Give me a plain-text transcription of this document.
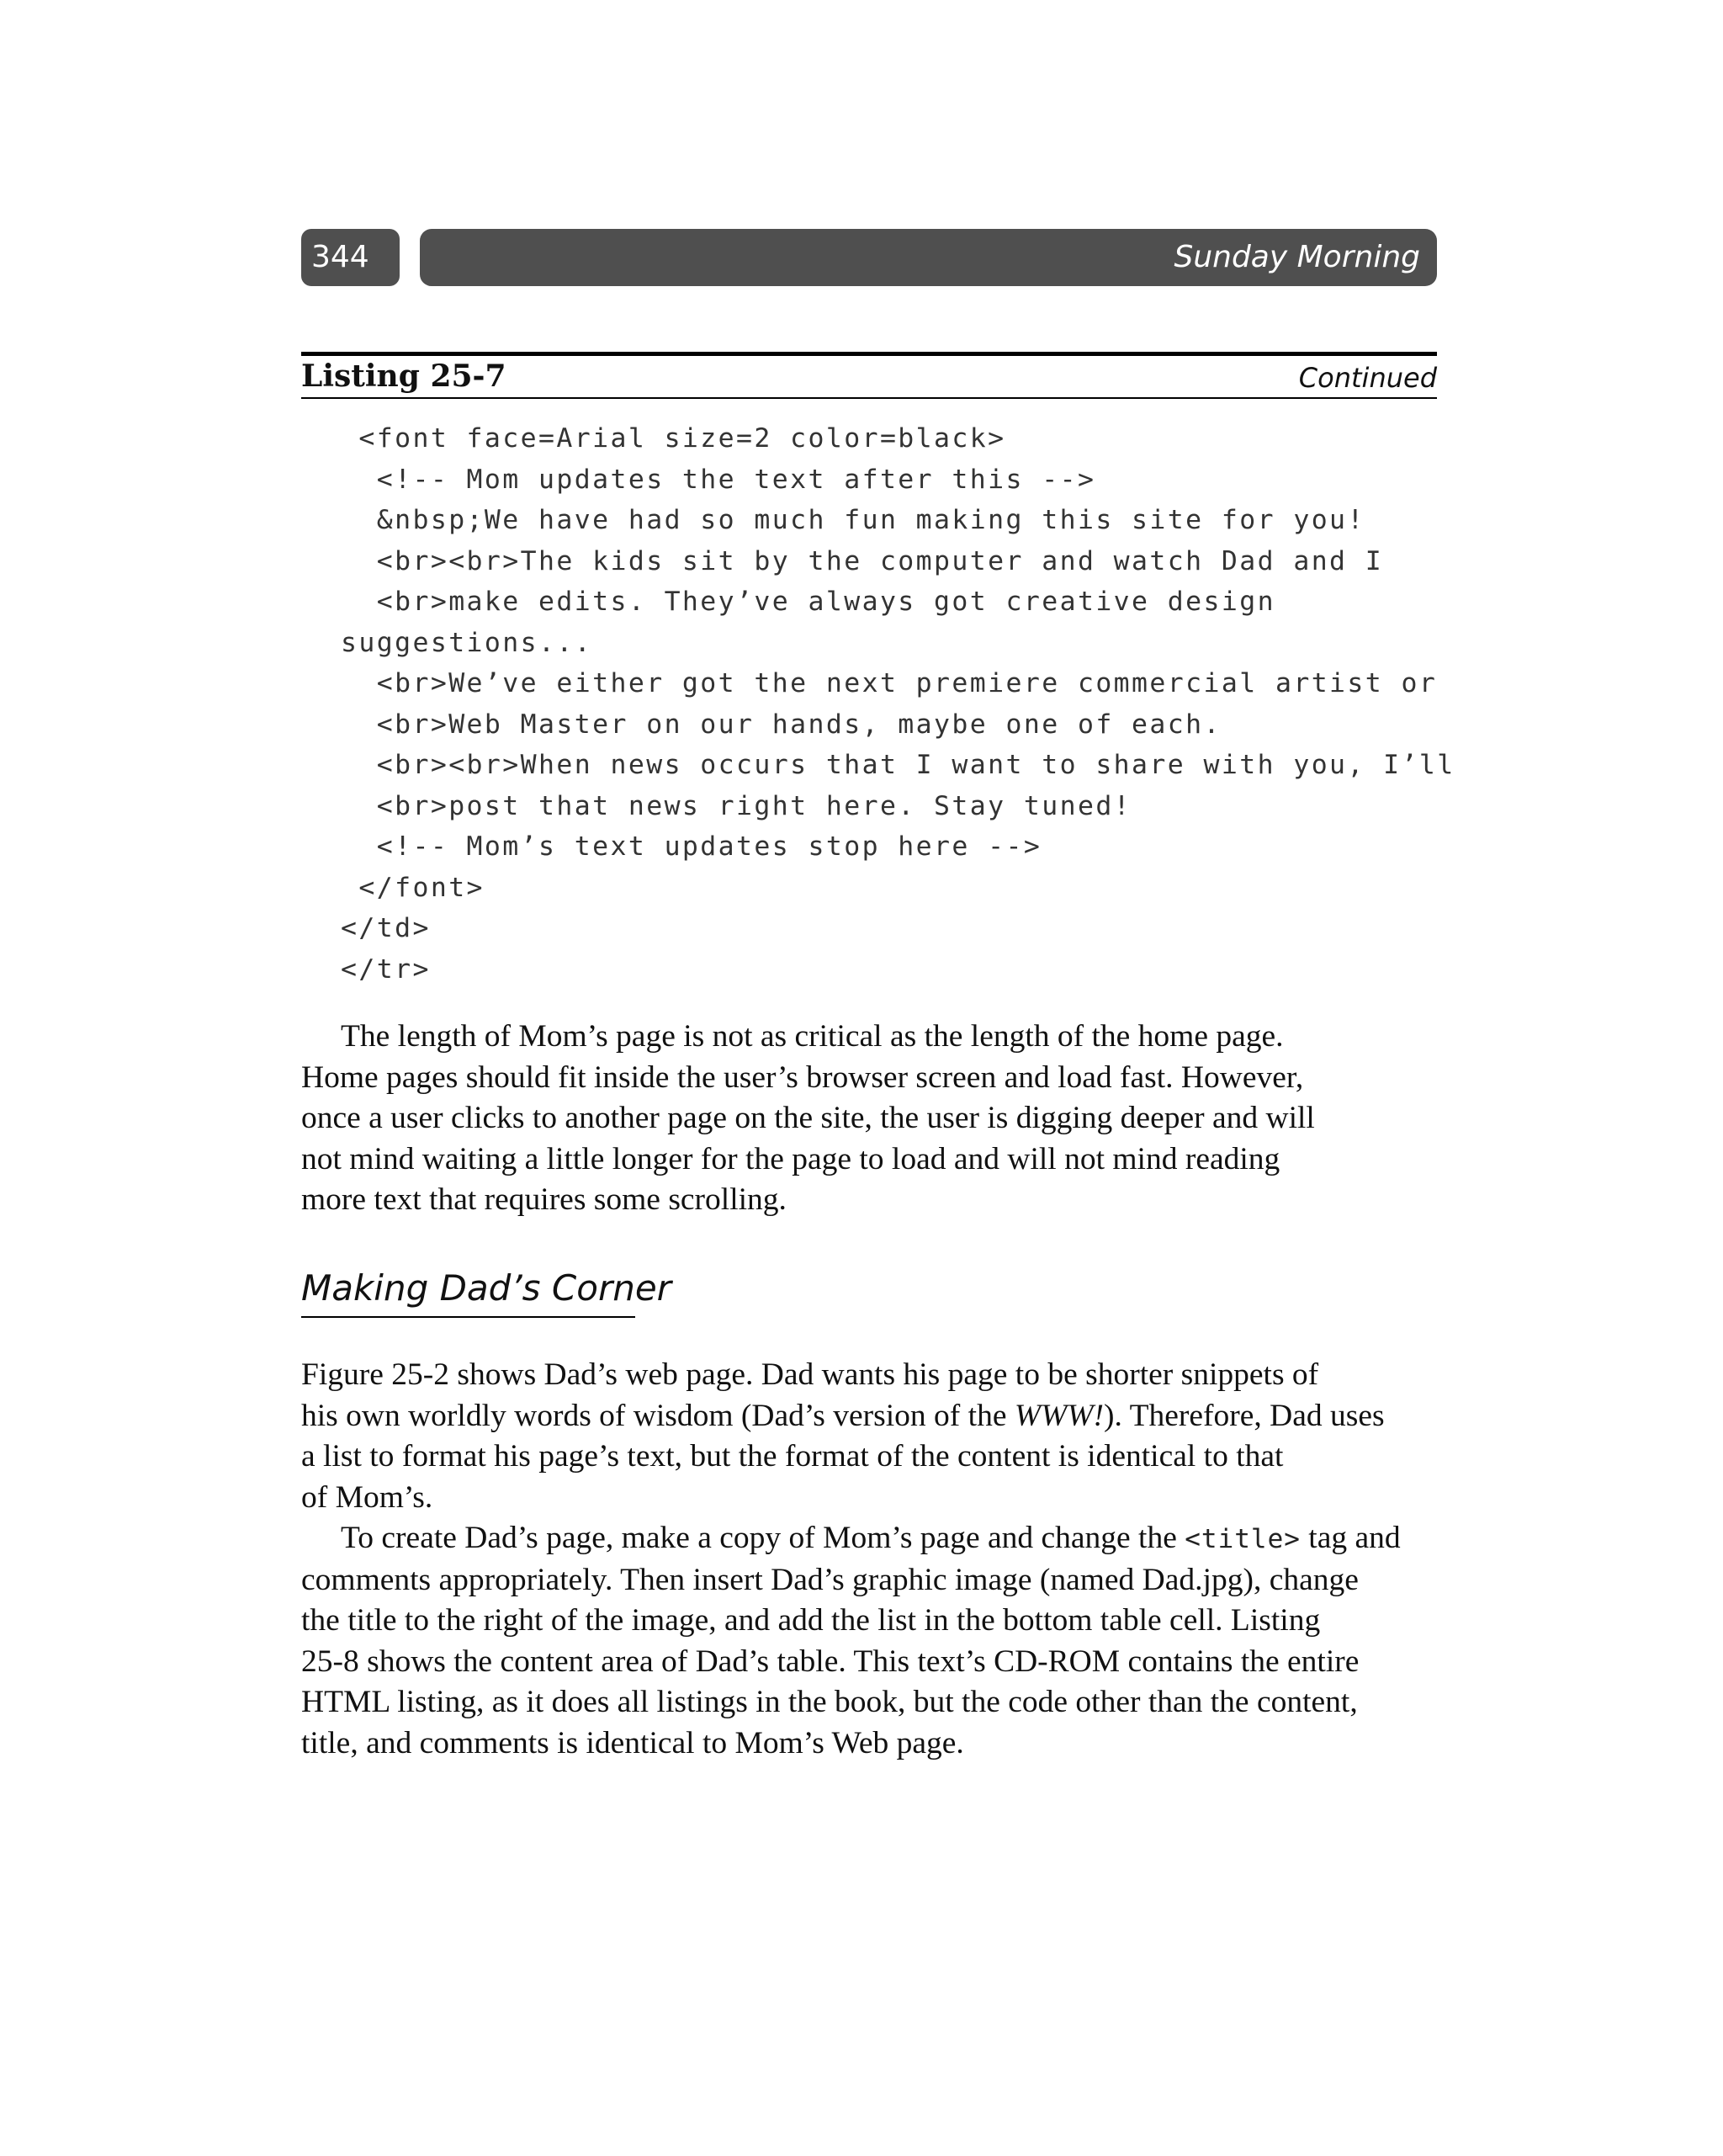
344	Sunday Morning
Listing 25-7	Continued
<font face=Arial size=2 color=black>
<!-- Mom updates the text after this -->
&nbsp;We have had so much fun making this site for you!
<br><br>The kids sit by the computer and watch Dad and I
<br>make edits. They’ve always got creative design
suggestions...
<br>We’ve either got the next premiere commercial artist or
<br>Web Master on our hands, maybe one of each.
<br><br>When news occurs that I want to share with you, I’ll
<br>post that news right here. Stay tuned!
<!-- Mom’s text updates stop here -->
</font>
</td>
</tr>
The length of Mom’s page is not as critical as the length of the home page.
Home pages should fit inside the user’s browser screen and load fast. However,
once a user clicks to another page on the site, the user is digging deeper and will
not mind waiting a little longer for the page to load and will not mind reading
more text that requires some scrolling.
Making Dad’s Corner
Figure 25-2 shows Dad’s web page. Dad wants his page to be shorter snippets of
his own worldly words of wisdom (Dad’s version of the WWW!). Therefore, Dad uses
a list to format his page’s text, but the format of the content is identical to that
of Mom’s.
To create Dad’s page, make a copy of Mom’s page and change the <title> tag and
comments appropriately. Then insert Dad’s graphic image (named Dad.jpg), change
the title to the right of the image, and add the list in the bottom table cell. Listing
25-8 shows the content area of Dad’s table. This text’s CD-ROM contains the entire
HTML listing, as it does all listings in the book, but the code other than the content,
title, and comments is identical to Mom’s Web page.
